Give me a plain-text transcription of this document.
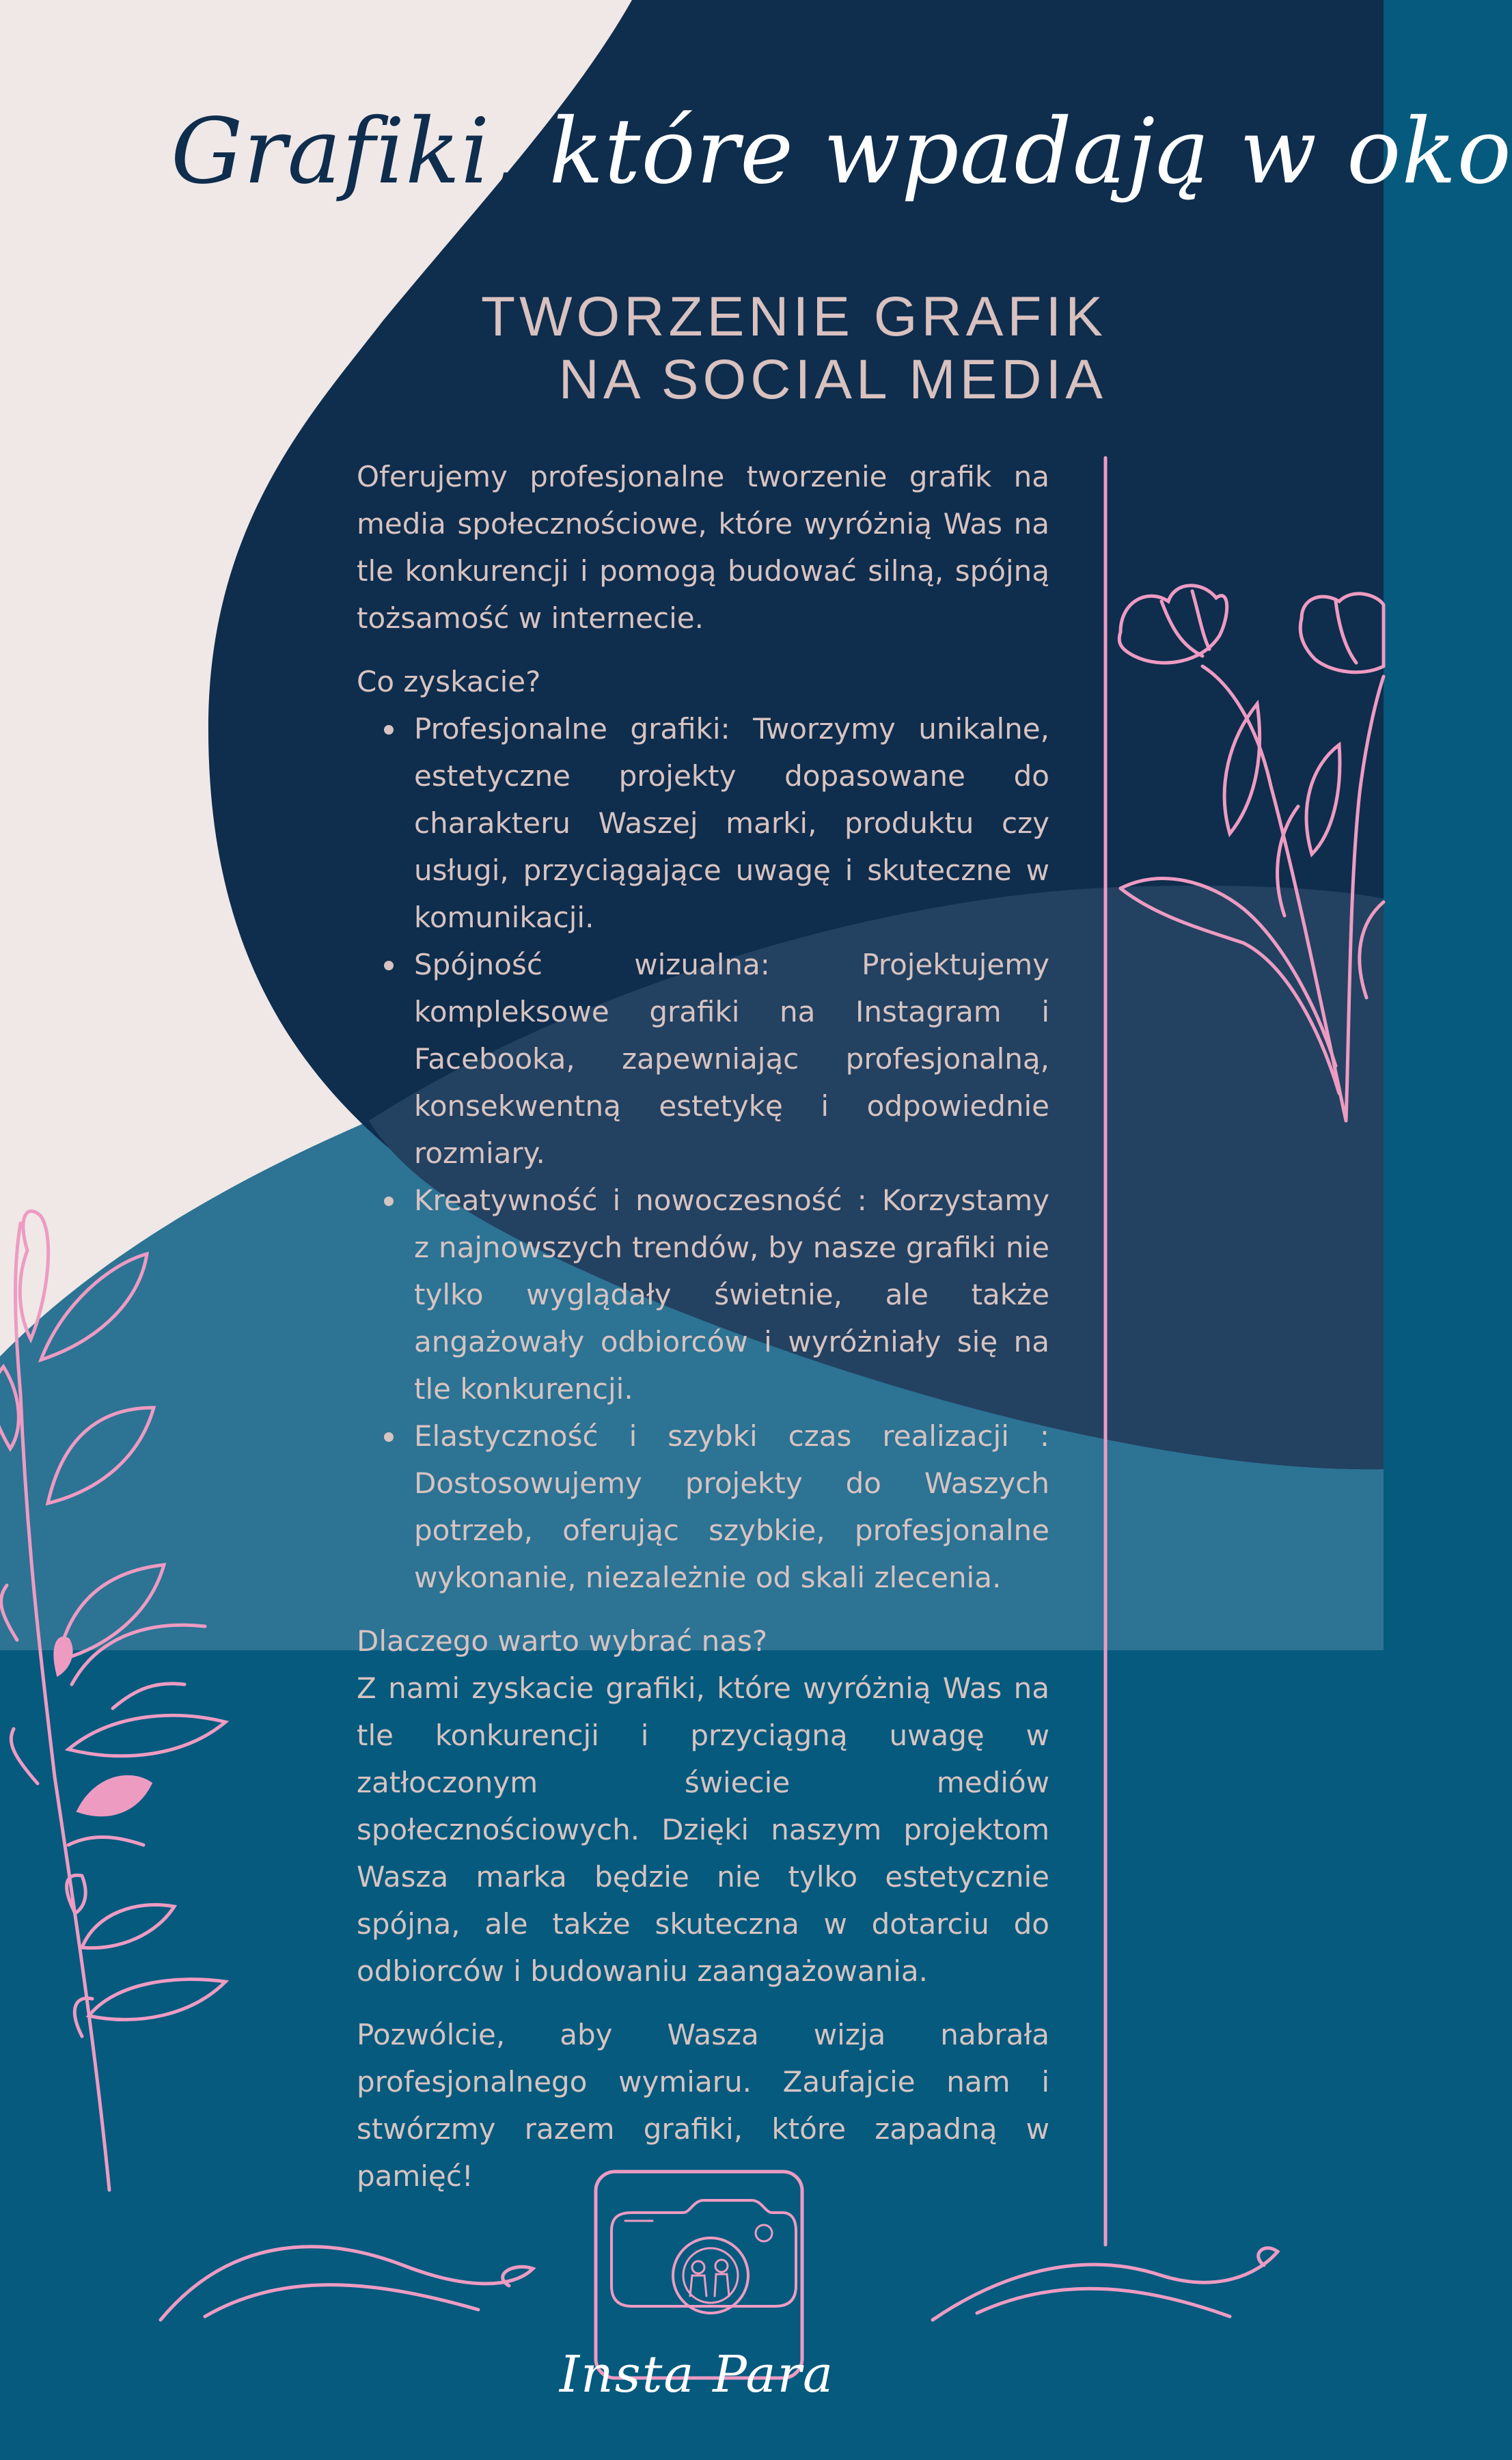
Grafiki, które wpadają w oko
TWORZENIE GRAFIK
NA SOCIAL MEDIA

Oferujemy profesjonalne tworzenie grafik na media społecznościowe, które wyróżnią Was na tle konkurencji i pomogą budować silną, spójną tożsamość w internecie.

Co zyskacie?

Profesjonalne grafiki: Tworzymy unikalne, estetyczne projekty dopasowane do charakteru Waszej marki, produktu czy usługi, przyciągające uwagę i skuteczne w komunikacji.
Spójność wizualna: Projektujemy kompleksowe grafiki na Instagram i Facebooka, zapewniając profesjonalną, konsekwentną estetykę i odpowiednie rozmiary.
Kreatywność i nowoczesność : Korzystamy z najnowszych trendów, by nasze grafiki nie tylko wyglądały świetnie, ale także angażowały odbiorców i wyróżniały się na tle konkurencji.
Elastyczność i szybki czas realizacji : Dostosowujemy projekty do Waszych potrzeb, oferując szybkie, profesjonalne wykonanie, niezależnie od skali zlecenia.

Dlaczego warto wybrać nas?

Z nami zyskacie grafiki, które wyróżnią Was na tle konkurencji i przyciągną uwagę w zatłoczonym świecie mediów społecznościowych. Dzięki naszym projektom Wasza marka będzie nie tylko estetycznie spójna, ale także skuteczna w dotarciu do odbiorców i budowaniu zaangażowania.

Pozwólcie, aby Wasza wizja nabrała profesjonalnego wymiaru. Zaufajcie nam i stwórzmy razem grafiki, które zapadną w pamięć!

Insta Para
